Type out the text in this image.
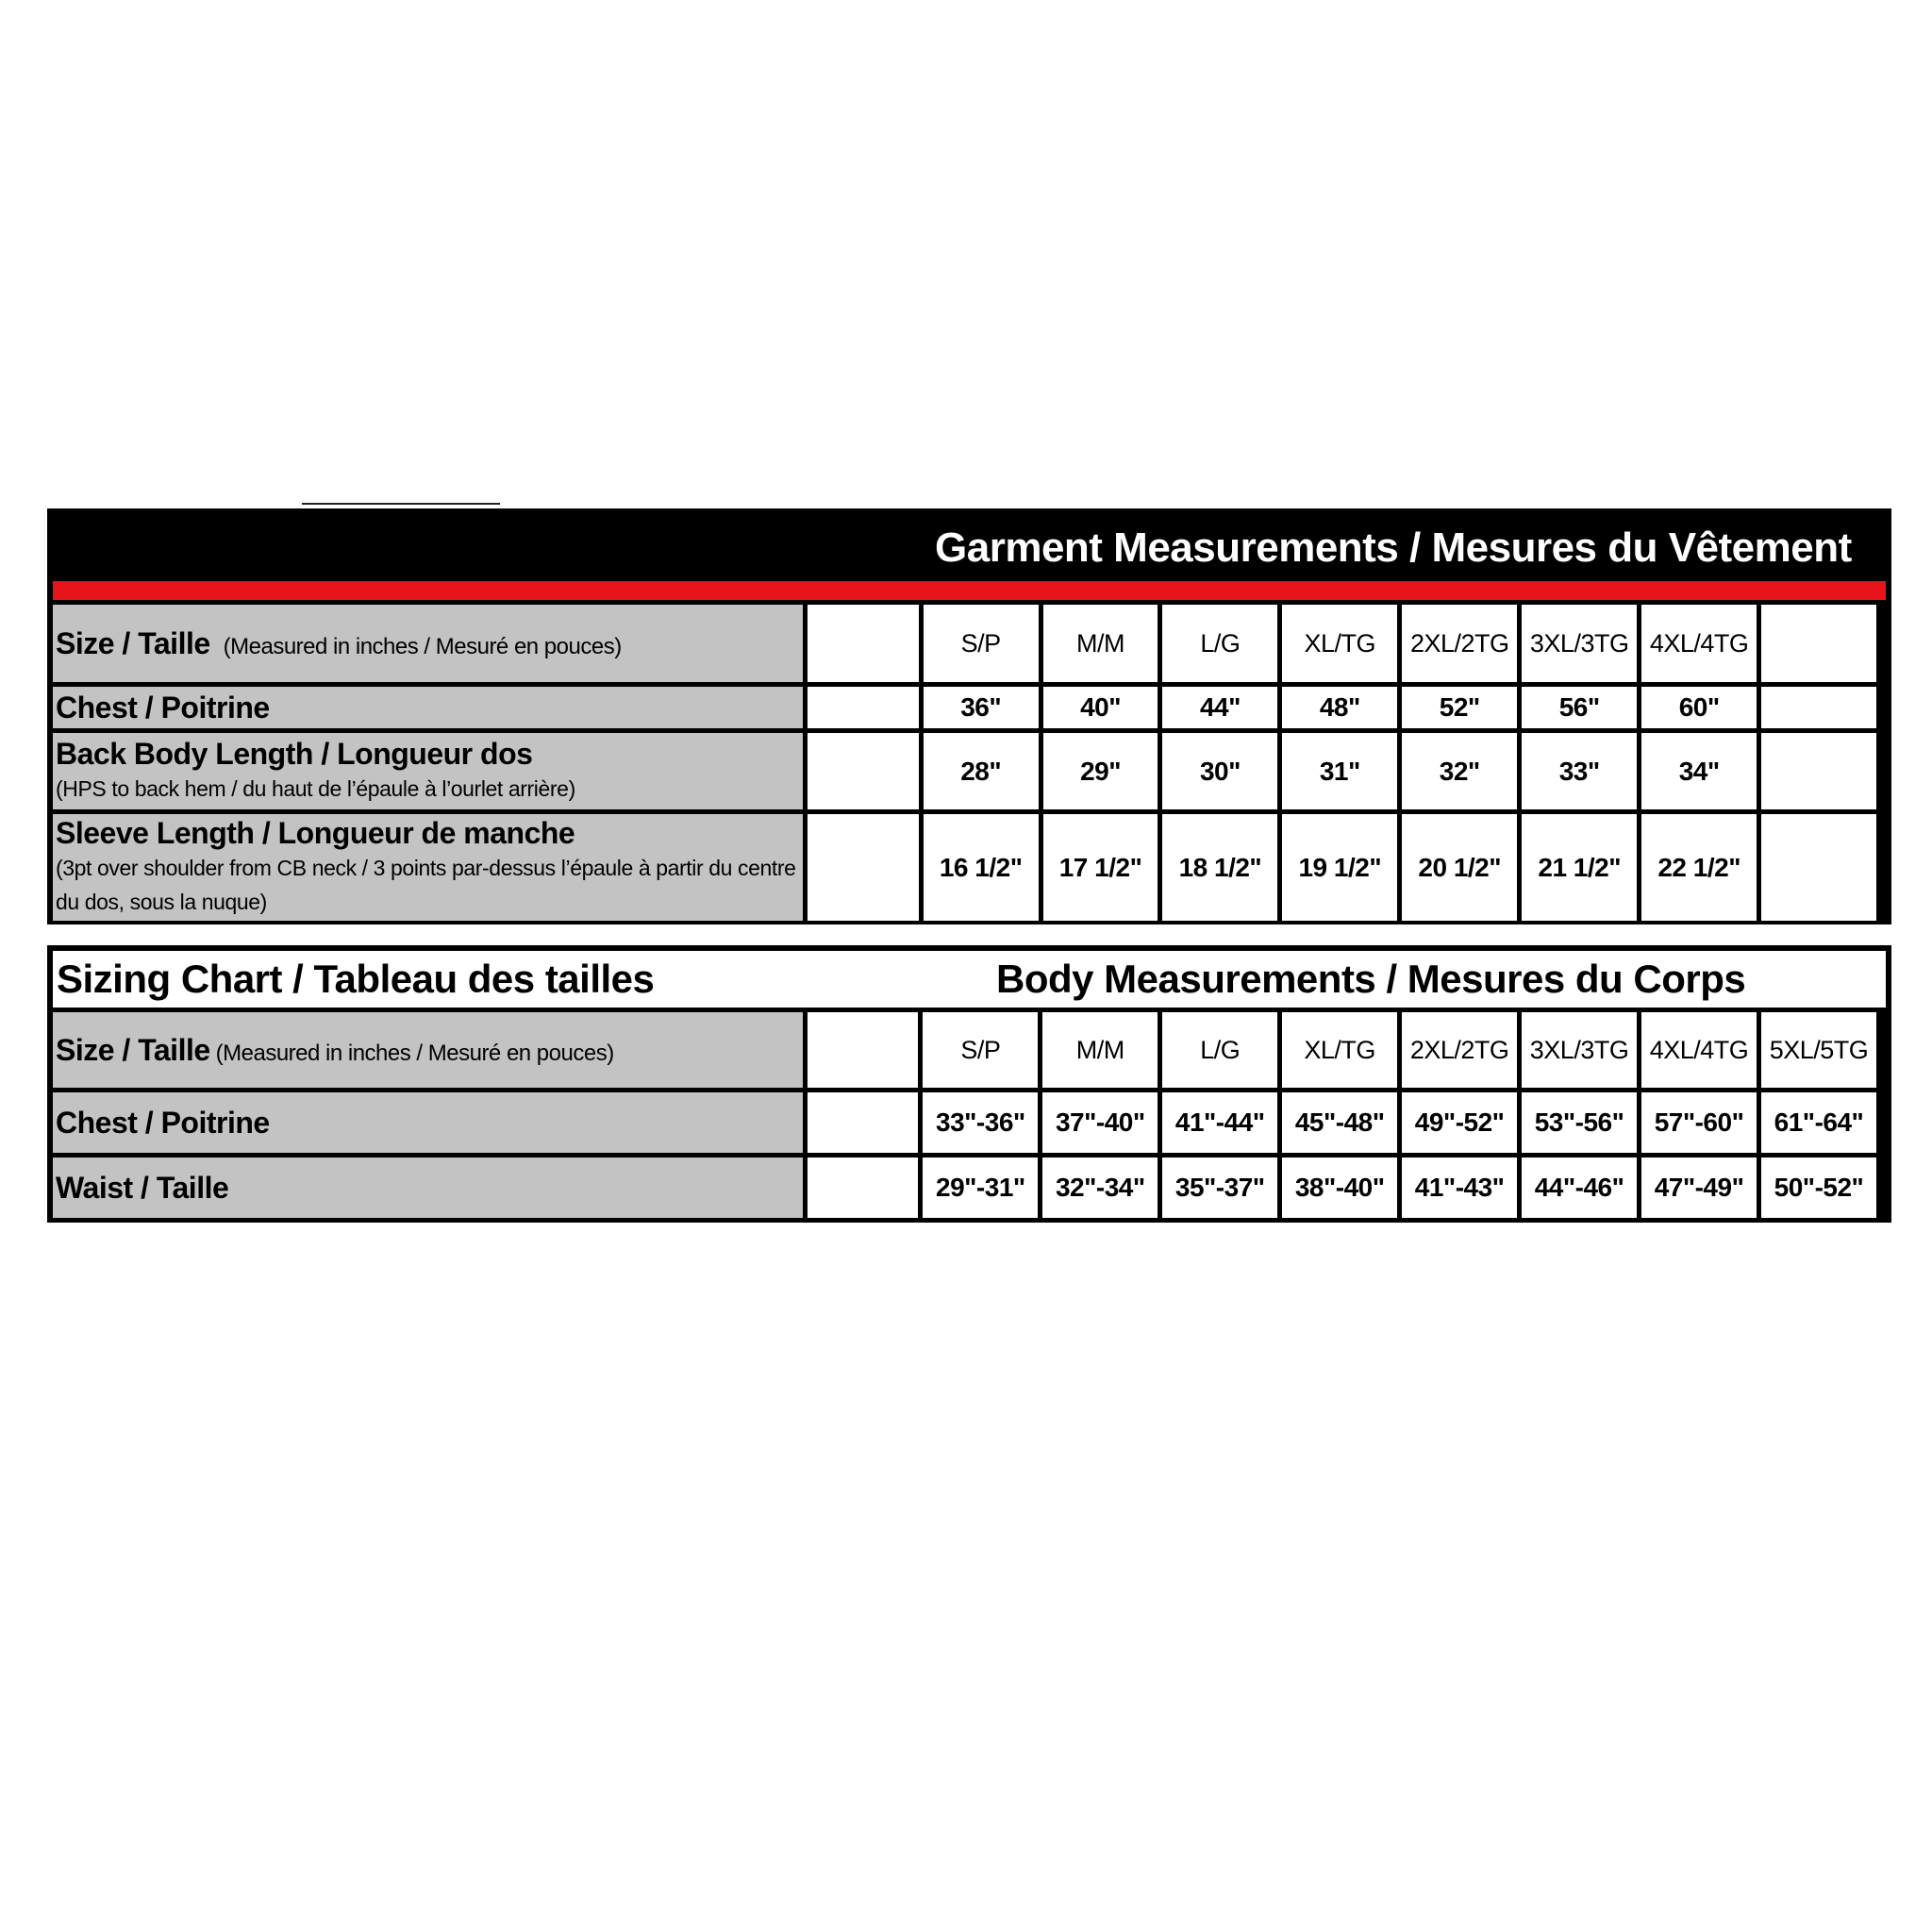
Garment Measurements / Mesures du Vêtement
Size / Taille (Measured in inches / Mesuré en pouces)		S/P	M/M	L/G	XL/TG	2XL/2TG	3XL/3TG	4XL/4TG	
Chest / Poitrine		36"	40"	44"	48"	52"	56"	60"	
Back Body Length / Longueur dos
(HPS to back hem / du haut de l’épaule à l’ourlet arrière)		28"	29"	30"	31"	32"	33"	34"	
Sleeve Length / Longueur de manche
(3pt over shoulder from CB neck / 3 points par-dessus l’épaule à partir du centre du dos, sous la nuque)		16 1/2"	17 1/2"	18 1/2"	19 1/2"	20 1/2"	21 1/2"	22 1/2"	
Sizing Chart / Tableau des tailles	Body Measurements / Mesures du Corps
Size / Taille (Measured in inches / Mesuré en pouces)		S/P	M/M	L/G	XL/TG	2XL/2TG	3XL/3TG	4XL/4TG	5XL/5TG
Chest / Poitrine		33"-36"	37"-40"	41"-44"	45"-48"	49"-52"	53"-56"	57"-60"	61"-64"
Waist / Taille		29"-31"	32"-34"	35"-37"	38"-40"	41"-43"	44"-46"	47"-49"	50"-52"
